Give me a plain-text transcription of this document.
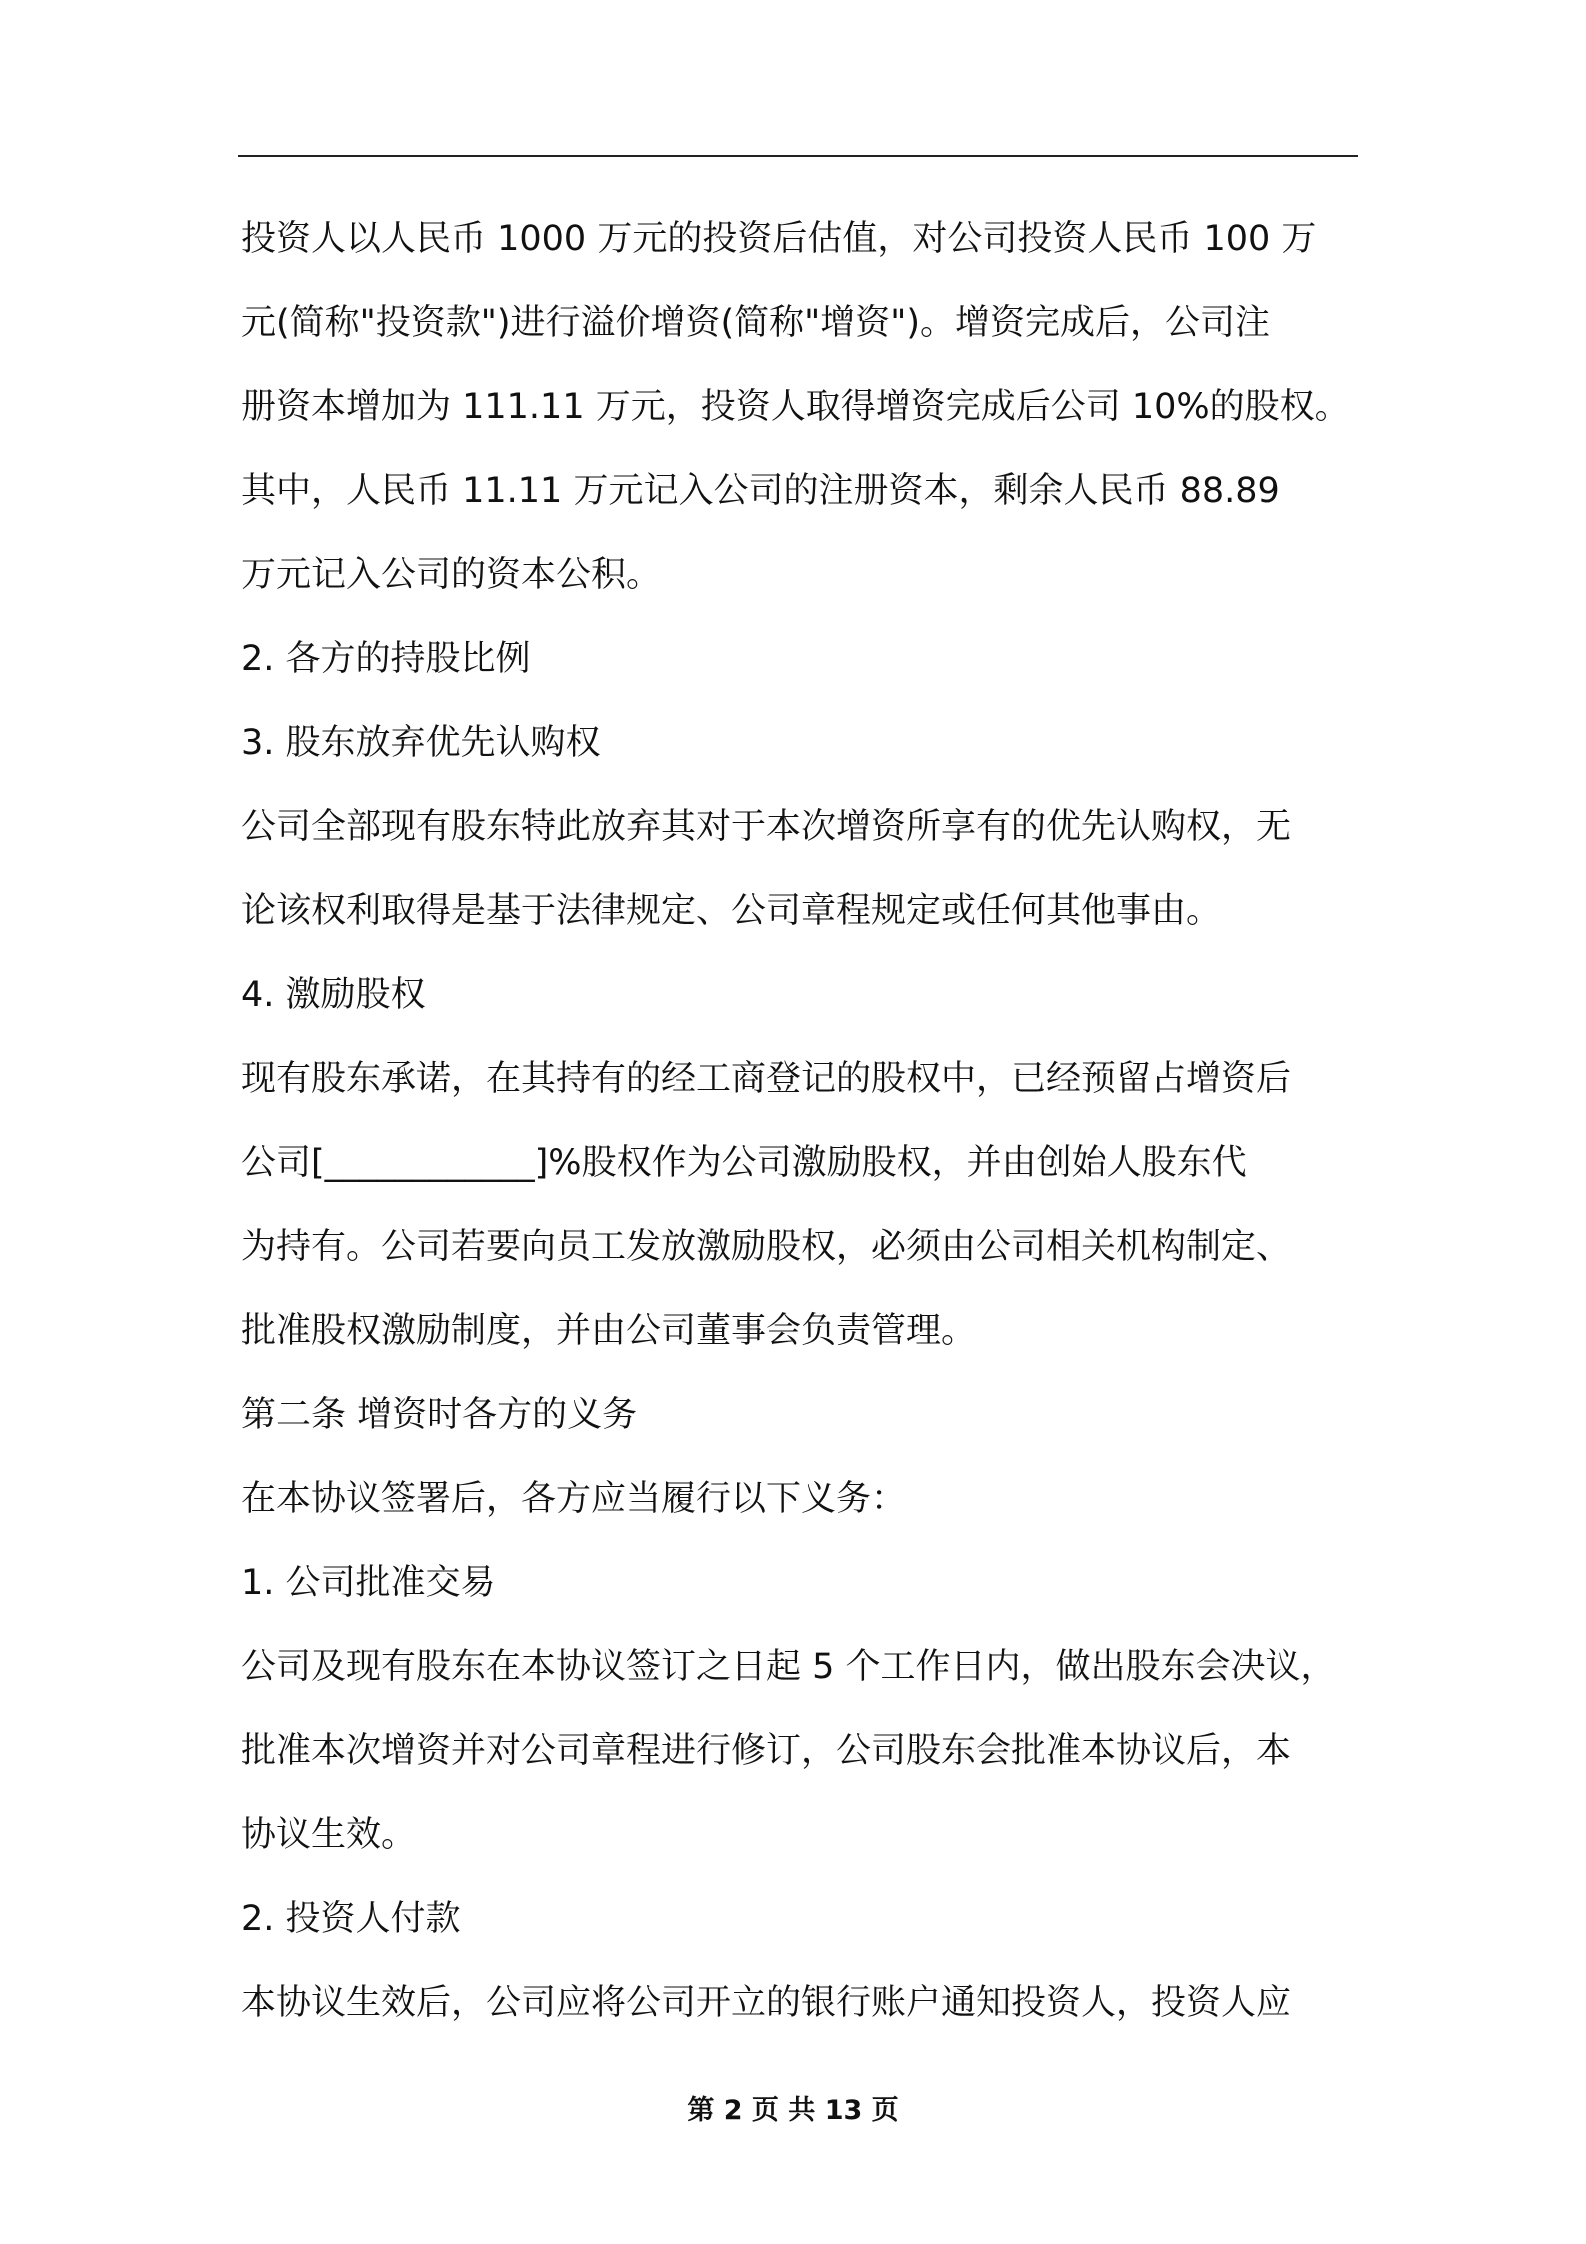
投资人以人民币 1000 万元的投资后估值，对公司投资人民币 100 万
元(简称"投资款")进行溢价增资(简称"增资")。增资完成后，公司注
册资本增加为 111.11 万元，投资人取得增资完成后公司 10%的股权。
其中，人民币 11.11 万元记入公司的注册资本，剩余人民币 88.89
万元记入公司的资本公积。
2. 各方的持股比例
3. 股东放弃优先认购权
公司全部现有股东特此放弃其对于本次增资所享有的优先认购权，无
论该权利取得是基于法律规定、公司章程规定或任何其他事由。
4. 激励股权
现有股东承诺，在其持有的经工商登记的股权中，已经预留占增资后
公司[____________]%股权作为公司激励股权，并由创始人股东代
为持有。公司若要向员工发放激励股权，必须由公司相关机构制定、
批准股权激励制度，并由公司董事会负责管理。
第二条 增资时各方的义务
在本协议签署后，各方应当履行以下义务：
1. 公司批准交易
公司及现有股东在本协议签订之日起 5 个工作日内，做出股东会决议，
批准本次增资并对公司章程进行修订，公司股东会批准本协议后，本
协议生效。
2. 投资人付款
本协议生效后，公司应将公司开立的银行账户通知投资人，投资人应
第 2 页 共 13 页
